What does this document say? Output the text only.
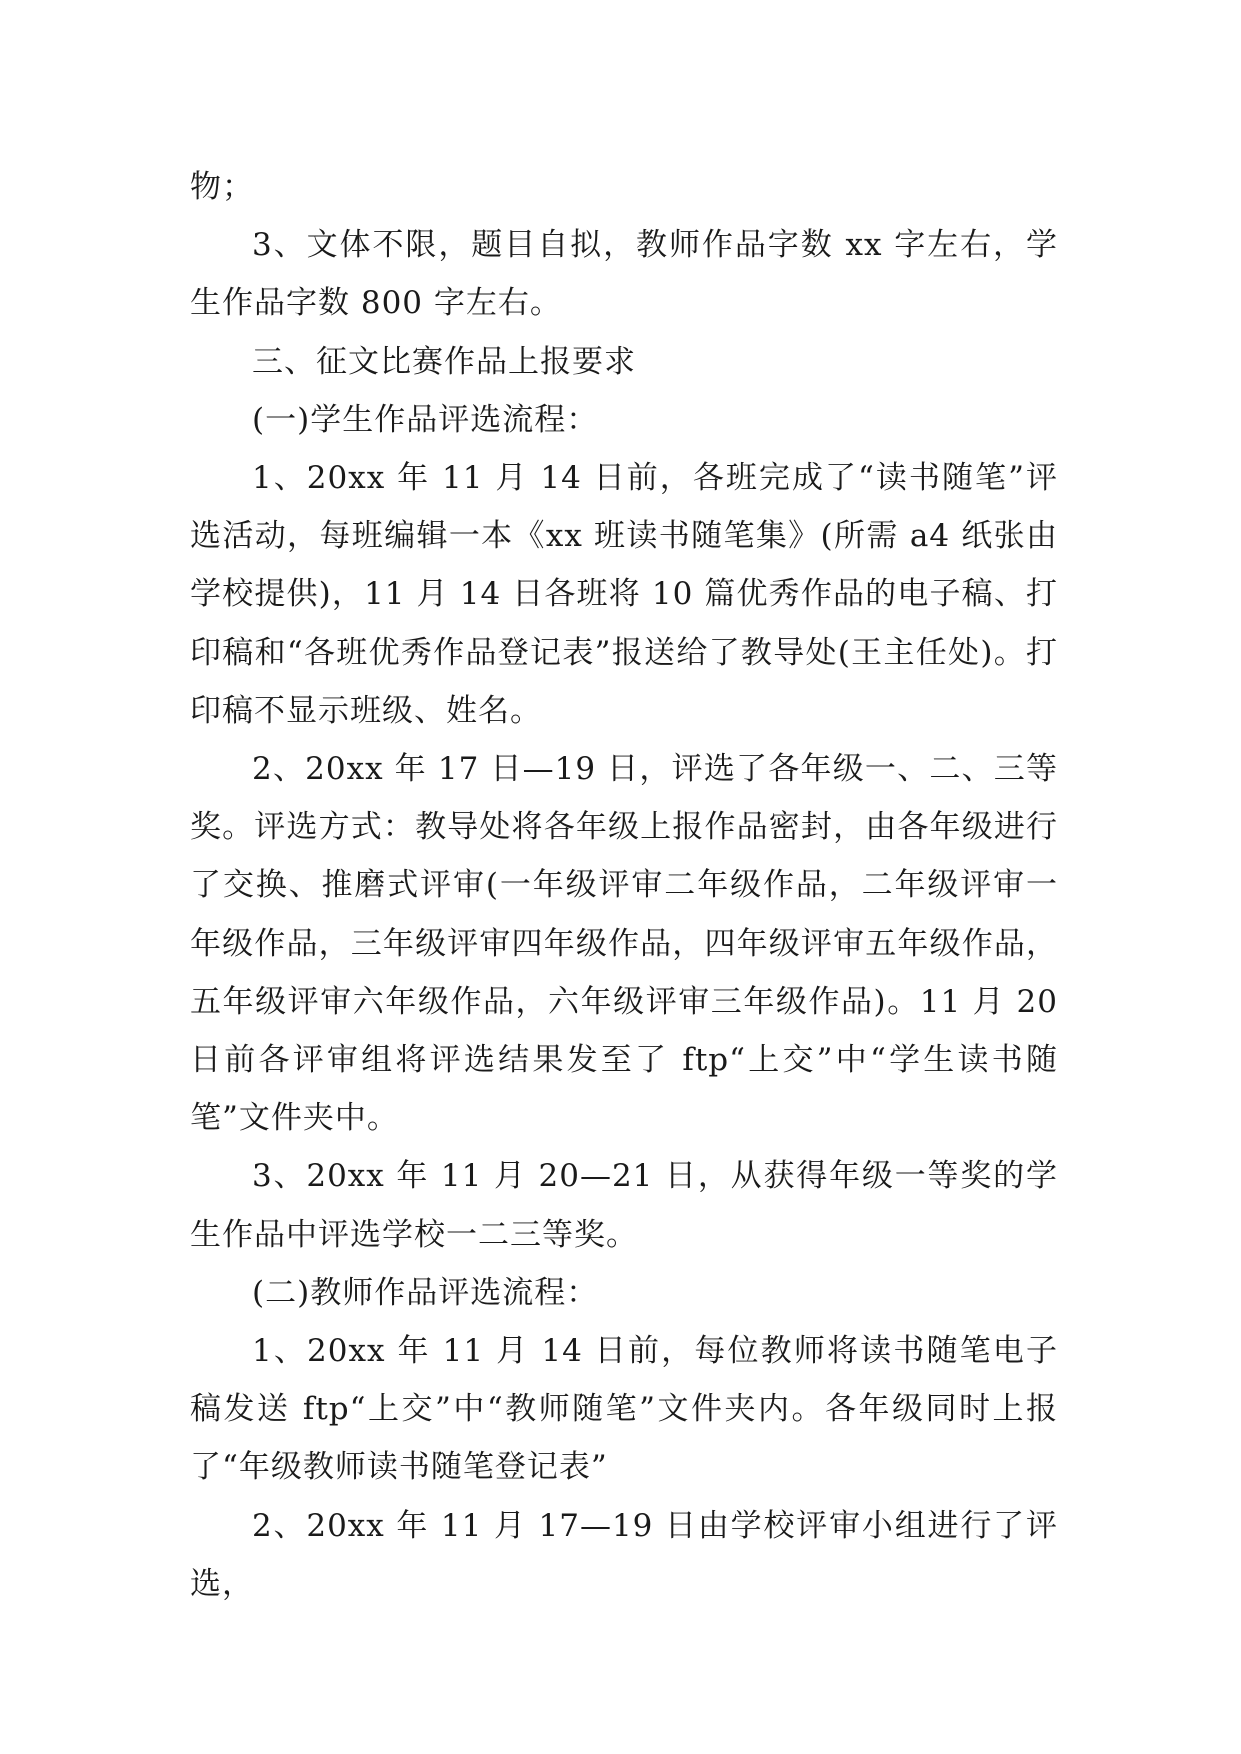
物；

3、文体不限，题目自拟，教师作品字数 xx 字左右，学生作品字数 800 字左右。

三、征文比赛作品上报要求

(一)学生作品评选流程：

1、20xx 年 11 月 14 日前，各班完成了“读书随笔”评选活动，每班编辑一本《xx 班读书随笔集》(所需 a4 纸张由学校提供)，11 月 14 日各班将 10 篇优秀作品的电子稿、打印稿和“各班优秀作品登记表”报送给了教导处(王主任处)。打印稿不显示班级、姓名。

2、20xx 年 17 日—19 日，评选了各年级一、二、三等奖。评选方式：教导处将各年级上报作品密封，由各年级进行了交换、推磨式评审(一年级评审二年级作品，二年级评审一年级作品，三年级评审四年级作品，四年级评审五年级作品，五年级评审六年级作品，六年级评审三年级作品)。11 月 20 日前各评审组将评选结果发至了 ftp“上交”中“学生读书随笔”文件夹中。

3、20xx 年 11 月 20—21 日，从获得年级一等奖的学生作品中评选学校一二三等奖。

(二)教师作品评选流程：

1、20xx 年 11 月 14 日前，每位教师将读书随笔电子稿发送 ftp“上交”中“教师随笔”文件夹内。各年级同时上报了“年级教师读书随笔登记表”

2、20xx 年 11 月 17—19 日由学校评审小组进行了评选，
